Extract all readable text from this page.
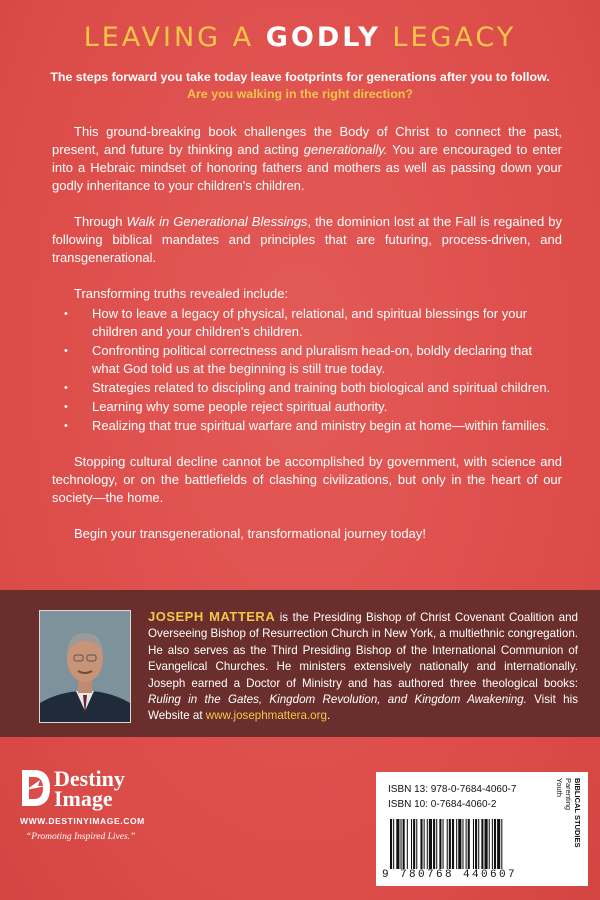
LEAVING A GODLY LEGACY
The steps forward you take today leave footprints for generations after you to follow.
Are you walking in the right direction?

This ground-breaking book challenges the Body of Christ to connect the past, present, and future by thinking and acting generationally. You are encouraged to enter into a Hebraic mindset of honoring fathers and mothers as well as passing down your godly inheritance to your children's children.

Through Walk in Generational Blessings, the dominion lost at the Fall is regained by following biblical mandates and principles that are futuring, process-driven, and transgenerational.

Transforming truths revealed include:

• How to leave a legacy of physical, relational, and spiritual blessings for your children and your children's children.
• Confronting political correctness and pluralism head-on, boldly declaring that what God told us at the beginning is still true today.
• Strategies related to discipling and training both biological and spiritual children.
• Learning why some people reject spiritual authority.
• Realizing that true spiritual warfare and ministry begin at home—within families.

Stopping cultural decline cannot be accomplished by government, with science and technology, or on the battlefields of clashing civilizations, but only in the heart of our society—the home.

Begin your transgenerational, transformational journey today!

JOSEPH MATTERA is the Presiding Bishop of Christ Covenant Coalition and Overseeing Bishop of Resurrection Church in New York, a multiethnic congregation. He also serves as the Third Presiding Bishop of the International Communion of Evangelical Churches. He ministers extensively nationally and internationally. Joseph earned a Doctor of Ministry and has authored three theological books: Ruling in the Gates, Kingdom Revolution, and Kingdom Awakening. Visit his Website at www.josephmattera.org.
Destiny
Image
WWW.DESTINYIMAGE.COM
“Promoting Inspired Lives.”
ISBN 13: 978-0-7684-4060-7
ISBN 10: 0-7684-4060-2
9 780768 440607
BIBLICAL STUDIES
Parenting
Youth
